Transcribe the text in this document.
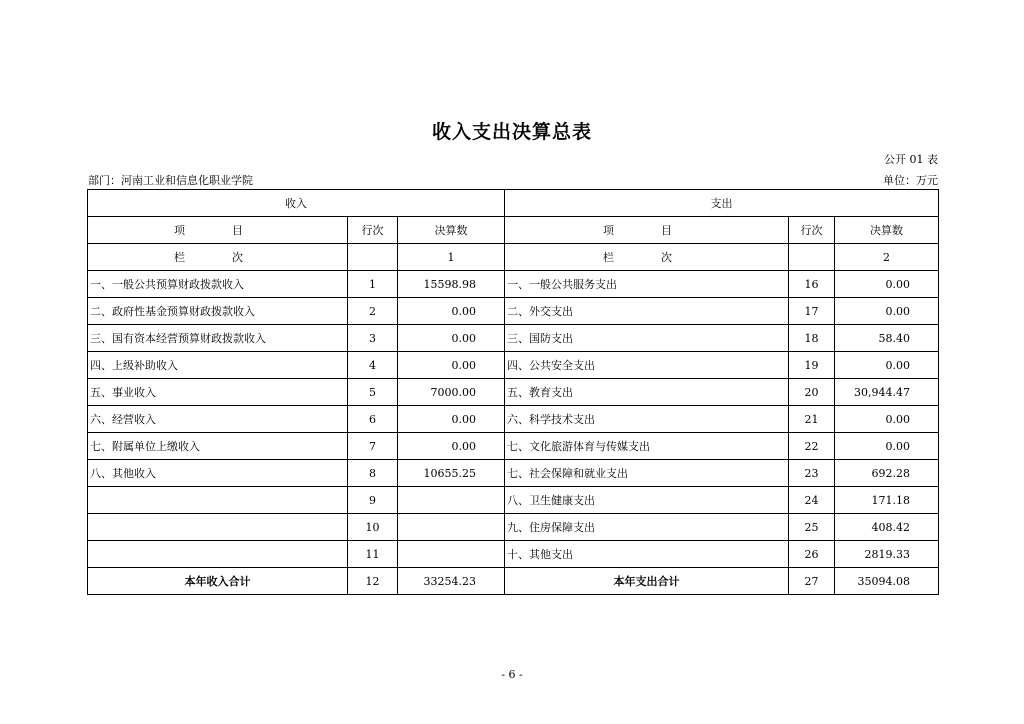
收入支出决算总表
公开 01 表
部门：河南工业和信息化职业学院	单位：万元
收入			支出		
项　目	行次	决算数	项　目	行次	决算数
栏　次		1	栏　次		2
一、一般公共预算财政拨款收入	1	15598.98	一、一般公共服务支出	16	0.00
二、政府性基金预算财政拨款收入	2	0.00	二、外交支出	17	0.00
三、国有资本经营预算财政拨款收入	3	0.00	三、国防支出	18	58.40
四、上级补助收入	4	0.00	四、公共安全支出	19	0.00
五、事业收入	5	7000.00	五、教育支出	20	30,944.47
六、经营收入	6	0.00	六、科学技术支出	21	0.00
七、附属单位上缴收入	7	0.00	七、文化旅游体育与传媒支出	22	0.00
八、其他收入	8	10655.25	七、社会保障和就业支出	23	692.28
	9		八、卫生健康支出	24	171.18
	10		九、住房保障支出	25	408.42
	11		十、其他支出	26	2819.33
本年收入合计	12	33254.23	本年支出合计	27	35094.08
- 6 -
